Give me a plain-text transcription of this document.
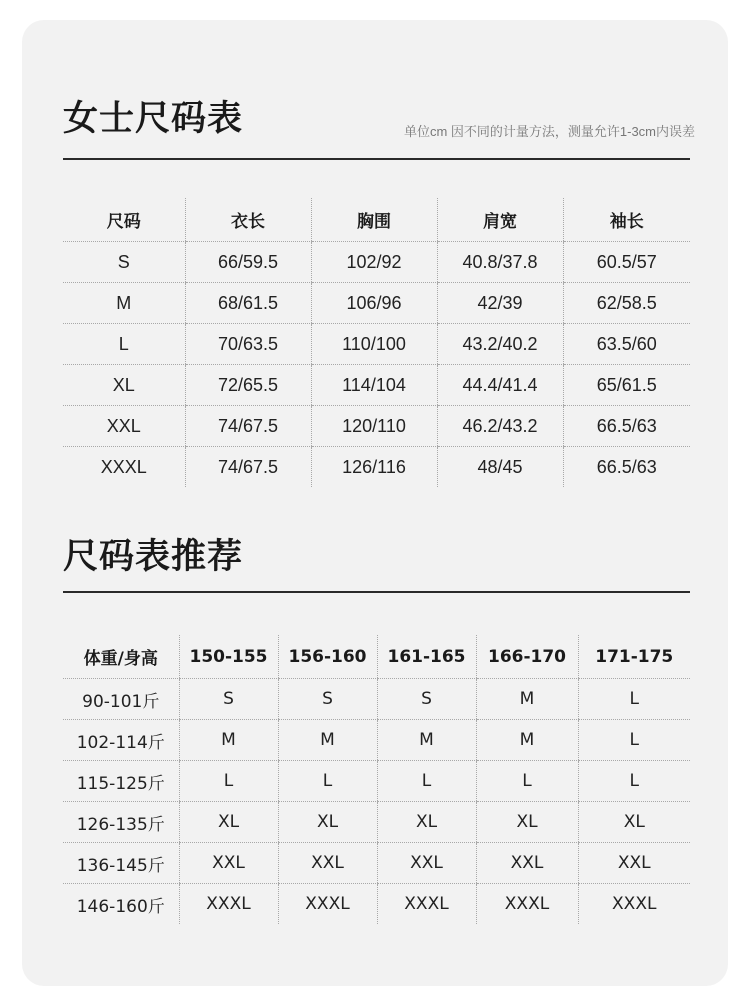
女士尺码表	单位cm 因不同的计量方法，测量允许1-3cm内误差
尺码	衣长	胸围	肩宽	袖长
S	66/59.5	102/92	40.8/37.8	60.5/57
M	68/61.5	106/96	42/39	62/58.5
L	70/63.5	110/100	43.2/40.2	63.5/60
XL	72/65.5	114/104	44.4/41.4	65/61.5
XXL	74/67.5	120/110	46.2/43.2	66.5/63
XXXL	74/67.5	126/116	48/45	66.5/63
尺码表推荐
体重/身高	150-155	156-160	161-165	166-170	171-175
90-101斤	S	S	S	M	L
102-114斤	M	M	M	M	L
115-125斤	L	L	L	L	L
126-135斤	XL	XL	XL	XL	XL
136-145斤	XXL	XXL	XXL	XXL	XXL
146-160斤	XXXL	XXXL	XXXL	XXXL	XXXL
